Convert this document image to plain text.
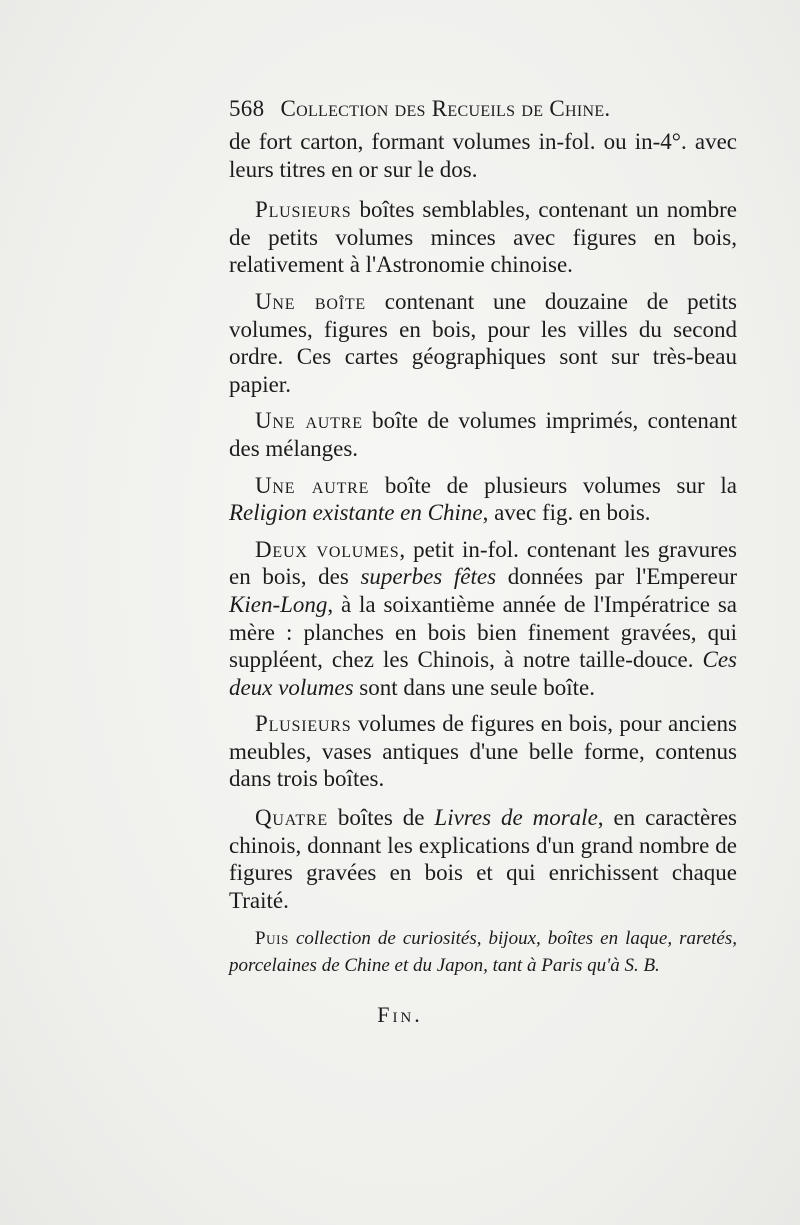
568 Collection des Recueils de Chine.

de fort carton, formant volumes in-fol. ou in-4°. avec leurs titres en or sur le dos.

Plusieurs boîtes semblables, contenant un nombre de petits volumes minces avec figures en bois, relativement à l'Astronomie chinoise.

Une boîte contenant une douzaine de petits volumes, figures en bois, pour les villes du second ordre. Ces cartes géographiques sont sur très-beau papier.

Une autre boîte de volumes imprimés, contenant des mélanges.

Une autre boîte de plusieurs volumes sur la Religion existante en Chine, avec fig. en bois.

Deux volumes, petit in-fol. contenant les gravures en bois, des superbes fêtes données par l'Empereur Kien-Long, à la soixantième année de l'Impératrice sa mère : planches en bois bien finement gravées, qui suppléent, chez les Chinois, à notre taille-douce. Ces deux volumes sont dans une seule boîte.

Plusieurs volumes de figures en bois, pour anciens meubles, vases antiques d'une belle forme, contenus dans trois boîtes.

Quatre boîtes de Livres de morale, en caractères chinois, donnant les explications d'un grand nombre de figures gravées en bois et qui enrichissent chaque Traité.

Puis collection de curiosités, bijoux, boîtes en laque, raretés, porcelaines de Chine et du Japon, tant à Paris qu'à S. B.

Fin.
